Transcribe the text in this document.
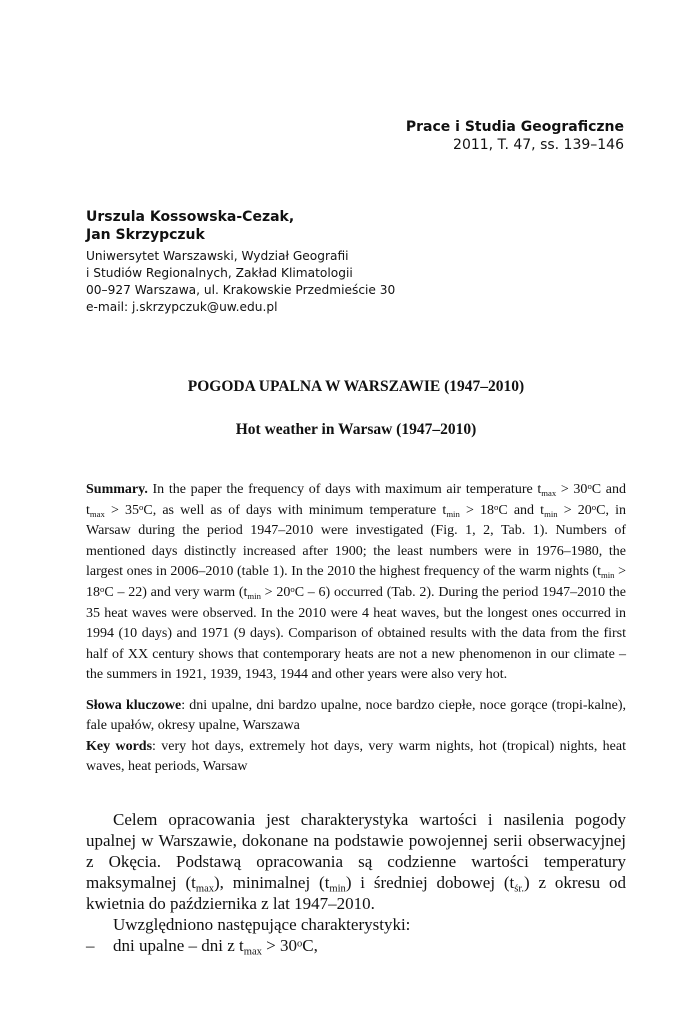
Prace i Studia Geograficzne
2011, T. 47, ss. 139–146
Urszula Kossowska-Cezak,
Jan Skrzypczuk
Uniwersytet Warszawski, Wydział Geografii
i Studiów Regionalnych, Zakład Klimatologii
00–927 Warszawa, ul. Krakowskie Przedmieście 30
e-mail: j.skrzypczuk@uw.edu.pl
POGODA UPALNA W WARSZAWIE (1947–2010)
Hot weather in Warsaw (1947–2010)
Summary. In the paper the frequency of days with maximum air temperature $t_{max} > 30^oC$ and $t_{max} > 35^oC$, as well as of days with minimum temperature $t_{min} > 18^oC$ and $t_{min} > 20^oC$, in Warsaw during the period 1947–2010 were investigated (Fig. 1, 2, Tab. 1). Numbers of mentioned days distinctly increased after 1900; the least numbers were in 1976–1980, the largest ones in 2006–2010 (table 1). In the 2010 the highest frequency of the warm nights $(t_{min} > 18^oC - 22)$ and very warm $(t_{min} > 20^oC - 6)$ occurred (Tab. 2). During the period 1947–2010 the 35 heat waves were observed. In the 2010 were 4 heat waves, but the longest ones occurred in 1994 (10 days) and 1971 (9 days). Comparison of obtained results with the data from the first half of XX century shows that contemporary heats are not a new phenomenon in our climate – the summers in 1921, 1939, 1943, 1944 and other years were also very hot.
Słowa kluczowe: dni upalne, dni bardzo upalne, noce bardzo ciepłe, noce gorące (tropi-kalne), fale upałów, okresy upalne, Warszawa
Key words: very hot days, extremely hot days, very warm nights, hot (tropical) nights, heat waves, heat periods, Warsaw

Celem opracowania jest charakterystyka wartości i nasilenia pogody upalnej w Warszawie, dokonane na podstawie powojennej serii obserwacyjnej z Okęcia. Podstawą opracowania są codzienne wartości temperatury maksymalnej $(t_{max})$, minimalnej $(t_{min})$ i średniej dobowej $(t_{śr.})$ z okresu od kwietnia do października z lat 1947–2010.

Uwzględniono następujące charakterystyki:

–	dni upalne – dni z $t_{max} > 30^oC$,
